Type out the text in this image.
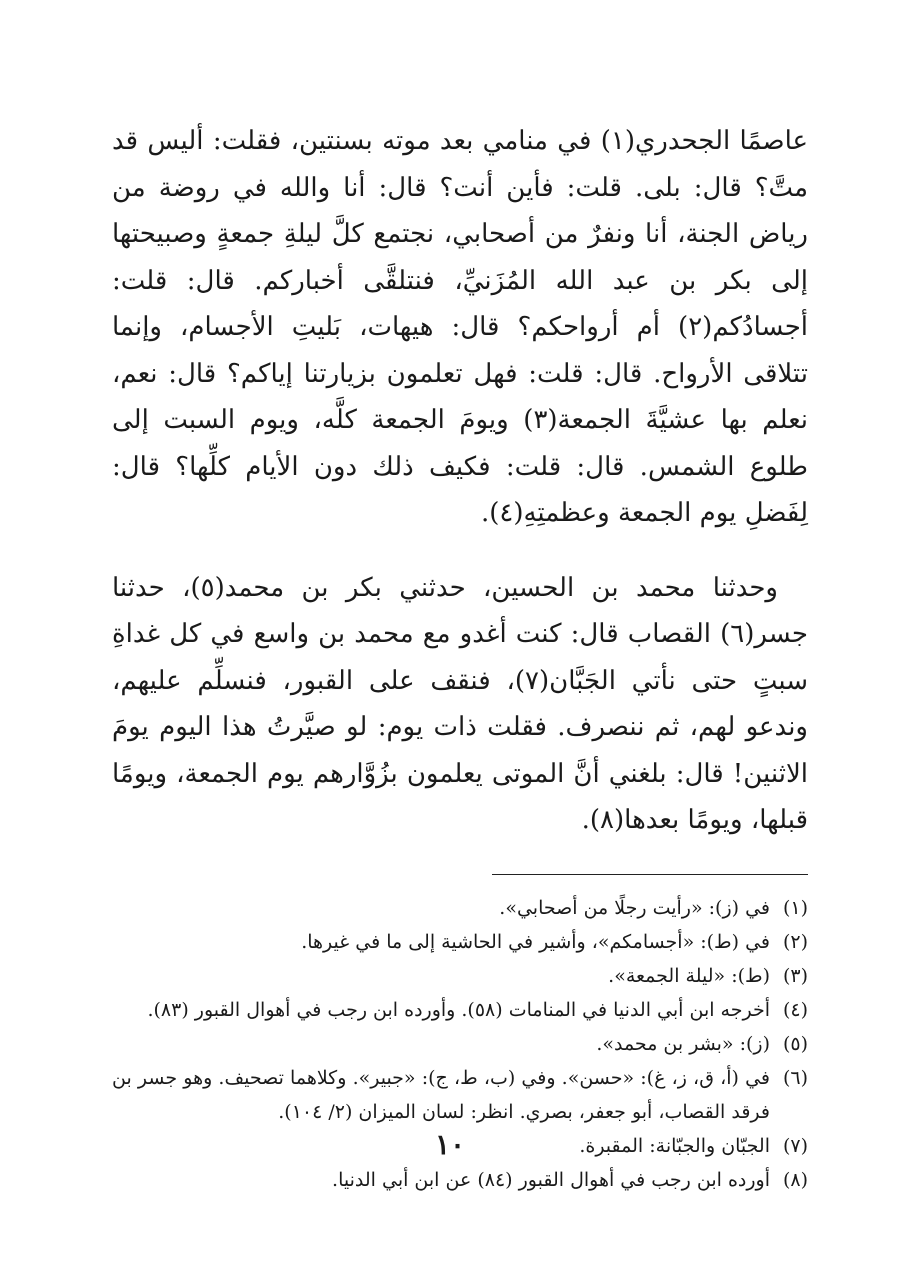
عاصمًا الجحدري(١) في منامي بعد موته بسنتين، فقلت: أليس قد متَّ؟ قال: بلى. قلت: فأين أنت؟ قال: أنا والله في روضة من رياض الجنة، أنا ونفرٌ من أصحابي، نجتمع كلَّ ليلةِ جمعةٍ وصبيحتها إلى بكر بن عبد الله المُزَنيِّ، فنتلقَّى أخباركم. قال: قلت: أجسادُكم(٢) أم أرواحكم؟ قال: هيهات، بَليتِ الأجسام، وإنما تتلاقى الأرواح. قال: قلت: فهل تعلمون بزيارتنا إياكم؟ قال: نعم، نعلم بها عشيَّةَ الجمعة(٣) ويومَ الجمعة كلَّه، ويوم السبت إلى طلوع الشمس. قال: قلت: فكيف ذلك دون الأيام كلِّها؟ قال: لِفَضلِ يوم الجمعة وعظمتِهِ(٤).

وحدثنا محمد بن الحسين، حدثني بكر بن محمد(٥)، حدثنا جسر(٦) القصاب قال: كنت أغدو مع محمد بن واسع في كل غداةِ سبتٍ حتى نأتي الجَبَّان(٧)، فنقف على القبور، فنسلِّم عليهم، وندعو لهم، ثم ننصرف. فقلت ذات يوم: لو صيَّرتُ هذا اليوم يومَ الاثنين! قال: بلغني أنَّ الموتى يعلمون بزُوَّارهم يوم الجمعة، ويومًا قبلها، ويومًا بعدها(٨).

(١)
في (ز): «رأيت رجلًا من أصحابي».
(٢)
في (ط): «أجسامكم»، وأشير في الحاشية إلى ما في غيرها.
(٣)
(ط): «ليلة الجمعة».
(٤)
أخرجه ابن أبي الدنيا في المنامات (٥٨). وأورده ابن رجب في أهوال القبور (٨٣).
(٥)
(ز): «بشر بن محمد».
(٦)
في (أ، ق، ز، غ): «حسن». وفي (ب، ط، ج): «جبير». وكلاهما تصحيف. وهو جسر بن فرقد القصاب، أبو جعفر، بصري. انظر: لسان الميزان (٢/ ١٠٤).
(٧)
الجبّان والجبّانة: المقبرة.
(٨)
أورده ابن رجب في أهوال القبور (٨٤) عن ابن أبي الدنيا.
١٠
